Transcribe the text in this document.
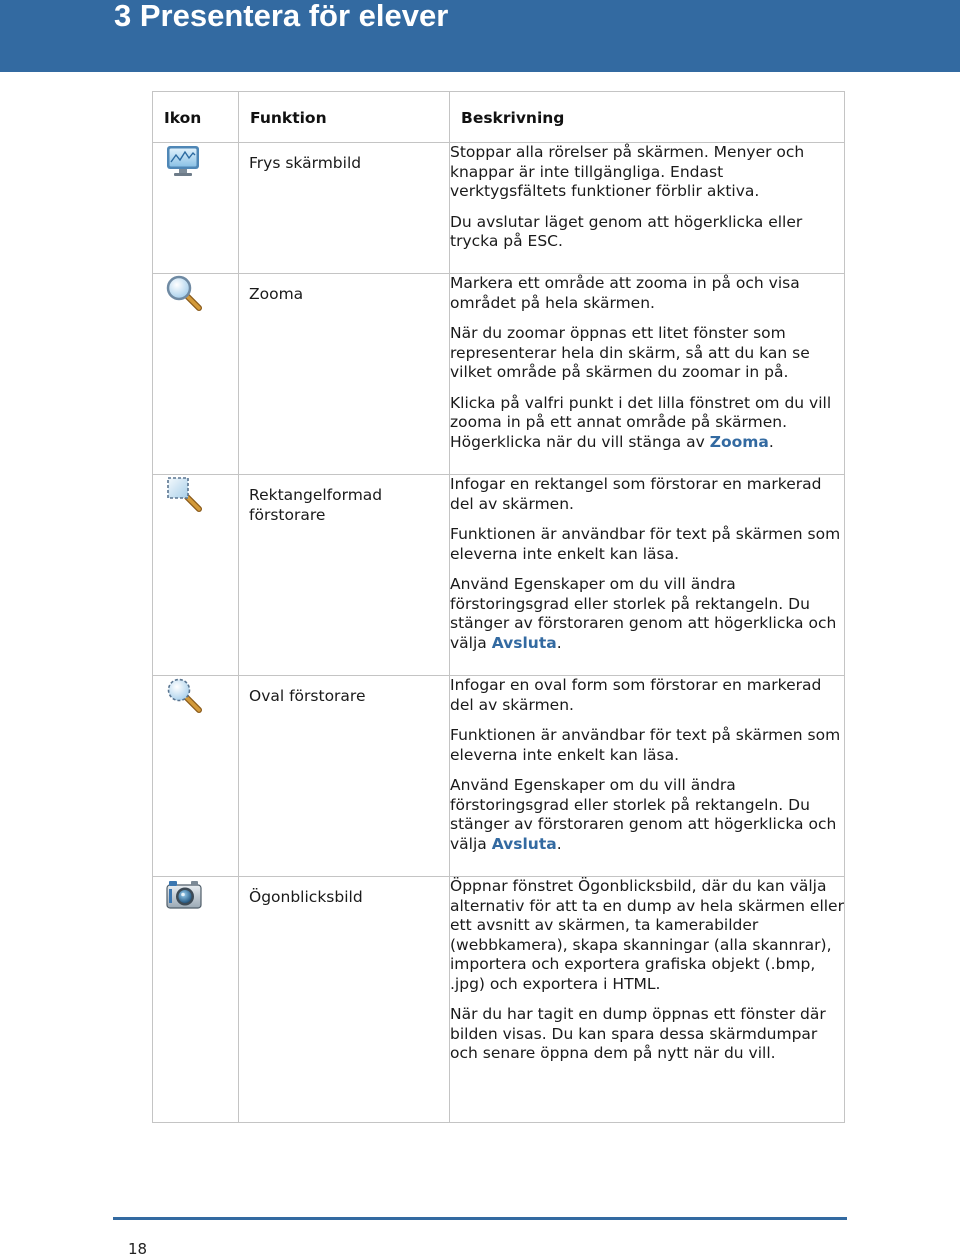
3 Presentera för elever
Ikon	Funktion	Beskrivning

Frys skärmbild	Stoppar alla rörelser på skärmen. Menyer och knappar är inte tillgängliga. Endast verktygsfältets funktioner förblir aktiva.

Du avslutar läget genom att högerklicka eller trycka på ESC.

Zooma	Markera ett område att zooma in på och visa området på hela skärmen.

När du zoomar öppnas ett litet fönster som representerar hela din skärm, så att du kan se vilket område på skärmen du zoomar in på.

Klicka på valfri punkt i det lilla fönstret om du vill zooma in på ett annat område på skärmen. Högerklicka när du vill stänga av Zooma.

Rektangelformad förstorare	Infogar en rektangel som förstorar en markerad del av skärmen.

Funktionen är användbar för text på skärmen som eleverna inte enkelt kan läsa.

Använd Egenskaper om du vill ändra förstoringsgrad eller storlek på rektangeln. Du stänger av förstoraren genom att högerklicka och välja Avsluta.

Oval förstorare	Infogar en oval form som förstorar en markerad del av skärmen.

Funktionen är användbar för text på skärmen som eleverna inte enkelt kan läsa.

Använd Egenskaper om du vill ändra förstoringsgrad eller storlek på rektangeln. Du stänger av förstoraren genom att högerklicka och välja Avsluta.

Ögonblicksbild	Öppnar fönstret Ögonblicksbild, där du kan välja alternativ för att ta en dump av hela skärmen eller ett avsnitt av skärmen, ta kamerabilder (webbkamera), skapa skanningar (alla skannrar), importera och exportera grafiska objekt (.bmp, .jpg) och exportera i HTML.

När du har tagit en dump öppnas ett fönster där bilden visas. Du kan spara dessa skärmdumpar och senare öppna dem på nytt när du vill.

18
